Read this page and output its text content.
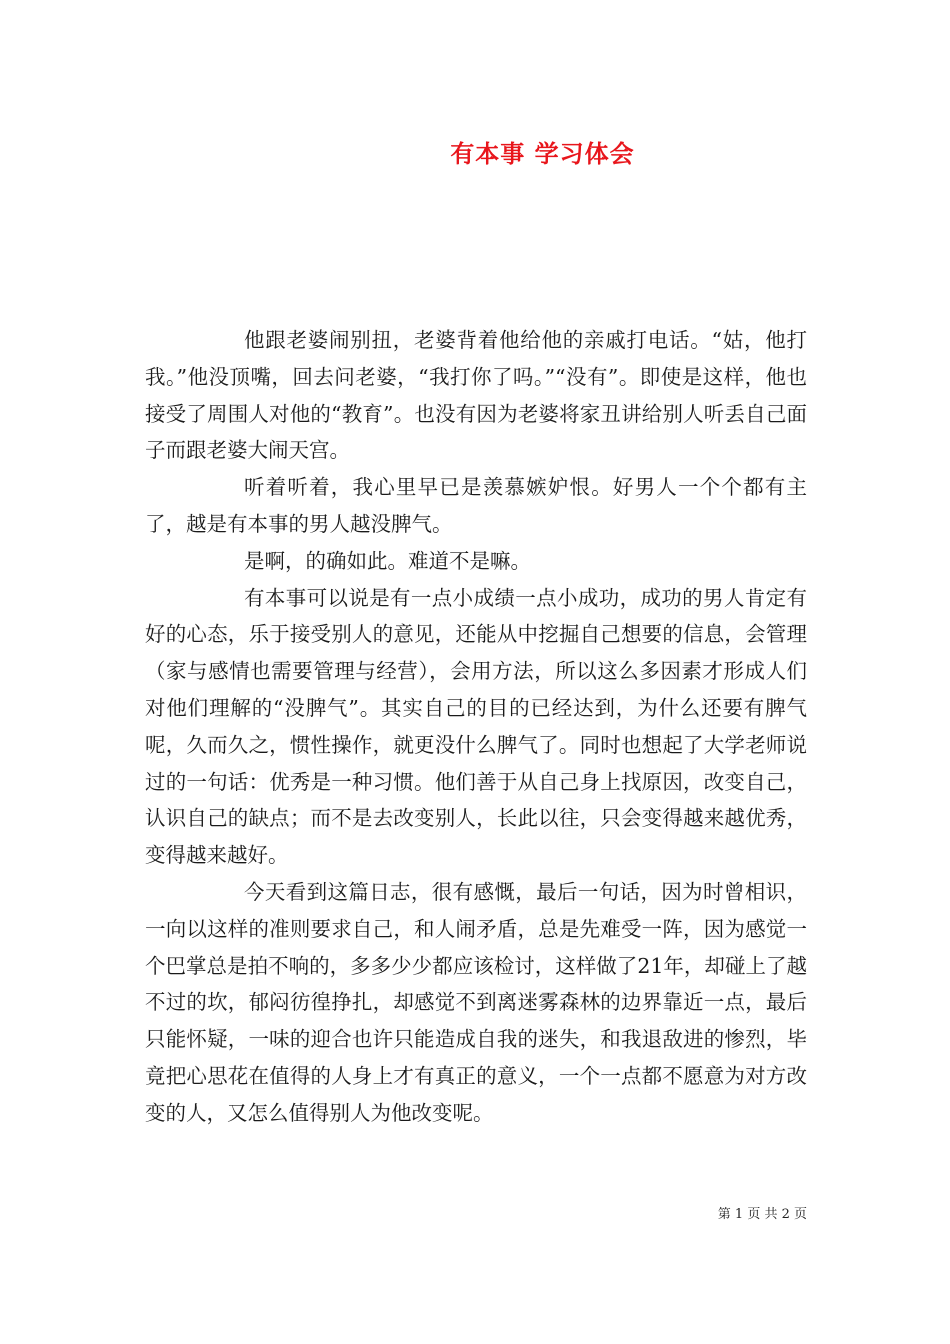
有本事 学习体会

他跟老婆闹别扭，老婆背着他给他的亲戚打电话。“姑，他打我。”他没顶嘴，回去问老婆，“我打你了吗。”“没有”。即使是这样，他也接受了周围人对他的“教育”。也没有因为老婆将家丑讲给别人听丢自己面子而跟老婆大闹天宫。

听着听着，我心里早已是羡慕嫉妒恨。好男人一个个都有主了，越是有本事的男人越没脾气。

是啊，的确如此。难道不是嘛。

有本事可以说是有一点小成绩一点小成功，成功的男人肯定有好的心态，乐于接受别人的意见，还能从中挖掘自己想要的信息，会管理（家与感情也需要管理与经营），会用方法，所以这么多因素才形成人们对他们理解的“没脾气”。其实自己的目的已经达到，为什么还要有脾气呢，久而久之，惯性操作，就更没什么脾气了。同时也想起了大学老师说过的一句话：优秀是一种习惯。他们善于从自己身上找原因，改变自己，认识自己的缺点；而不是去改变别人，长此以往，只会变得越来越优秀，变得越来越好。

今天看到这篇日志，很有感慨，最后一句话，因为时曾相识，一向以这样的准则要求自己，和人闹矛盾，总是先难受一阵，因为感觉一个巴掌总是拍不响的，多多少少都应该检讨，这样做了21年，却碰上了越不过的坎，郁闷彷徨挣扎，却感觉不到离迷雾森林的边界靠近一点，最后只能怀疑，一味的迎合也许只能造成自我的迷失，和我退敌进的惨烈，毕竟把心思花在值得的人身上才有真正的意义，一个一点都不愿意为对方改变的人，又怎么值得别人为他改变呢。

第 1 页 共 2 页
